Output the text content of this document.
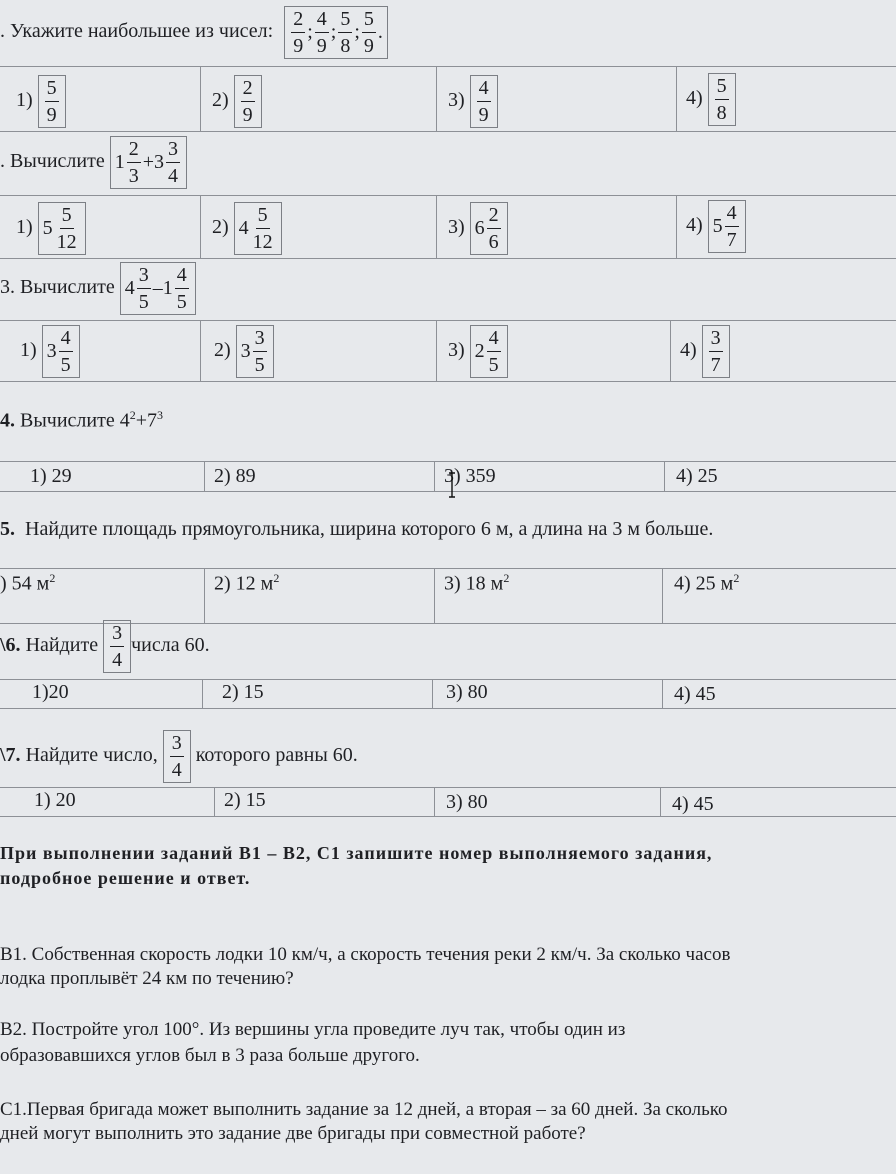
. Укажите наибольшее из чисел: $\frac{2}{9}$ ; $\frac{4}{9}$ ; $\frac{5}{8}$ ; $\frac{5}{9}$ .
$1) \frac{5}{9}$	$2) \frac{2}{9}$	$3) \frac{4}{9}$	$4) \frac{5}{8}$
. Вычислите $1 \frac{2}{3} + 3 \frac{3}{4}$
1) $5 \frac{5}{12}$	2) $4 \frac{5}{12}$	3) $6 \frac{2}{6}$	4) $5 \frac{4}{7}$
3. Вычислите $4 \frac{3}{5} - 1 \frac{4}{5}$
1) $3 \frac{4}{5}$	2) $3 \frac{3}{5}$	3) $2 \frac{4}{5}$	$4) \frac{3}{7}$
4. Вычислите $4^2+7^3$
1) 29	2) 89	3) 359	4) 25
5. Найдите площадь прямоугольника, ширина которого 6 м, а длина на 3 м больше.
) 54 $м^2$	2) 12 $м^2$	3) 18 $м^2$	4) 25 $м^2$
\6. Найдите $\frac{3}{4}$ числа 60.
1)20	2) 15	3) 80	4) 45
\7. Найдите число, $\frac{3}{4}$ которого равны 60.
1) 20	2) 15	3) 80	4) 45
При выполнении заданий В1 – В2, С1 запишите номер выполняемого задания,
подробное решение и ответ.
В1. Собственная скорость лодки 10 км/ч, а скорость течения реки 2 км/ч. За сколько часов
лодка проплывёт 24 км по течению?
В2. Постройте угол 100°. Из вершины угла проведите луч так, чтобы один из
образовавшихся углов был в 3 раза больше другого.
С1.Первая бригада может выполнить задание за 12 дней, а вторая – за 60 дней. За сколько
дней могут выполнить это задание две бригады при совместной работе?
